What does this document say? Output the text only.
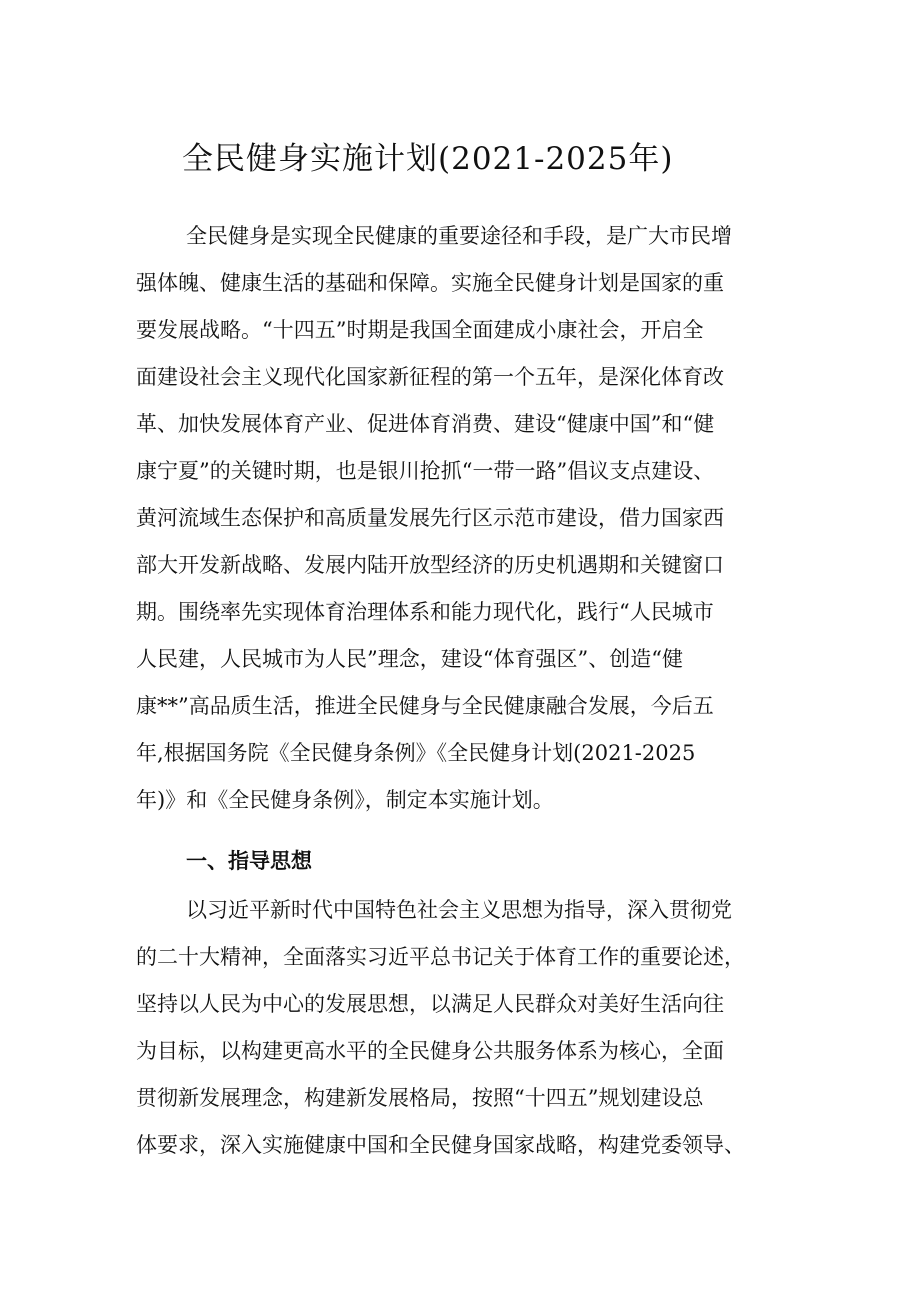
全民健身实施计划(2021-2025年)
全民健身是实现全民健康的重要途径和手段，是广大市民增
强体魄、健康生活的基础和保障。实施全民健身计划是国家的重
要发展战略。“十四五”时期是我国全面建成小康社会，开启全
面建设社会主义现代化国家新征程的第一个五年，是深化体育改
革、加快发展体育产业、促进体育消费、建设“健康中国”和“健
康宁夏”的关键时期，也是银川抢抓“一带一路”倡议支点建设、
黄河流域生态保护和高质量发展先行区示范市建设，借力国家西
部大开发新战略、发展内陆开放型经济的历史机遇期和关键窗口
期。围绕率先实现体育治理体系和能力现代化，践行“人民城市
人民建，人民城市为人民”理念，建设“体育强区”、创造“健
康**”高品质生活，推进全民健身与全民健康融合发展，今后五
年,根据国务院《全民健身条例》《全民健身计划(2021-2025
年)》和《全民健身条例》，制定本实施计划。
一、指导思想
以习近平新时代中国特色社会主义思想为指导，深入贯彻党
的二十大精神，全面落实习近平总书记关于体育工作的重要论述，
坚持以人民为中心的发展思想，以满足人民群众对美好生活向往
为目标，以构建更高水平的全民健身公共服务体系为核心，全面
贯彻新发展理念，构建新发展格局，按照“十四五”规划建设总
体要求，深入实施健康中国和全民健身国家战略，构建党委领导、
